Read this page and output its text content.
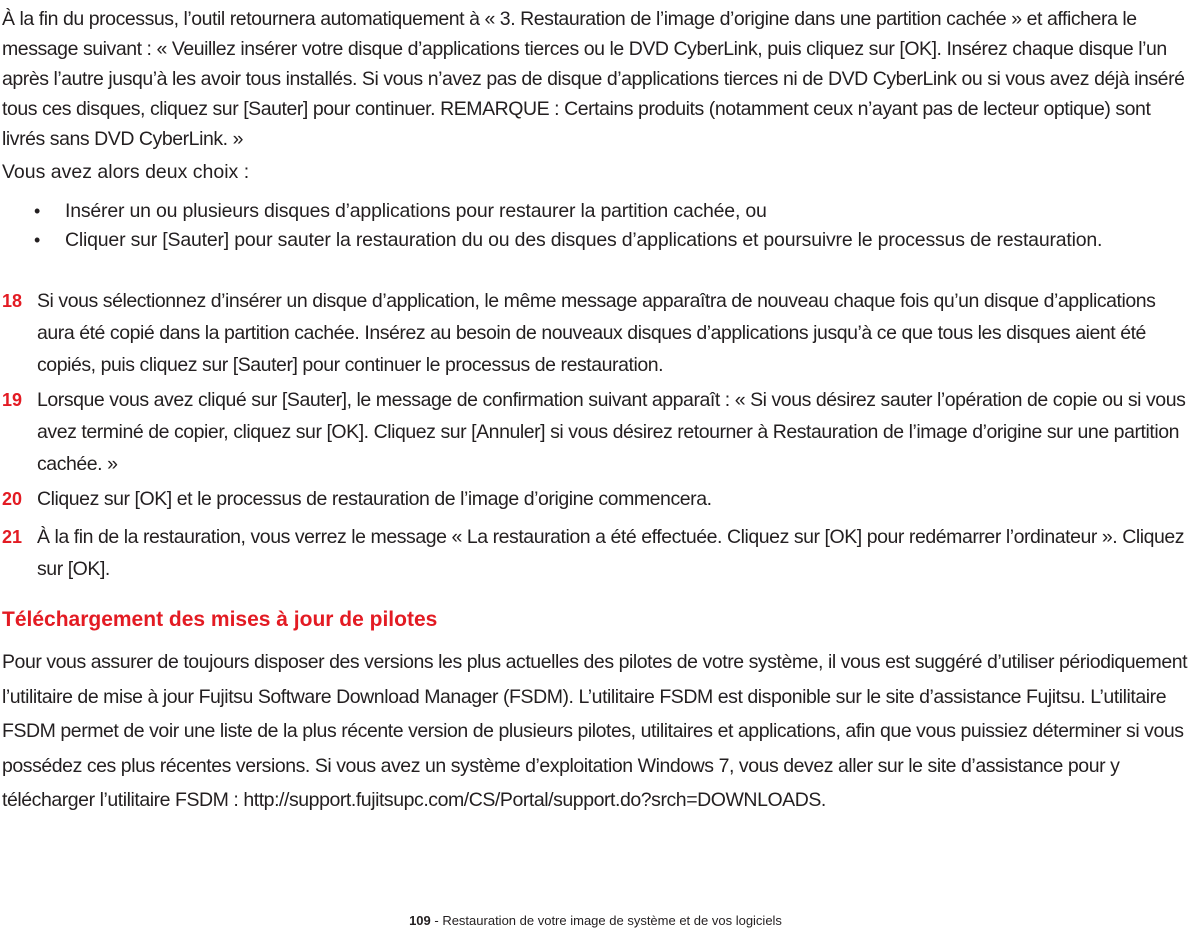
À la fin du processus, l’outil retournera automatiquement à « 3. Restauration de l’image d’origine dans une partition cachée » et affichera le message suivant : « Veuillez insérer votre disque d’applications tierces ou le DVD CyberLink, puis cliquez sur [OK]. Insérez chaque disque l’un après l’autre jusqu’à les avoir tous installés. Si vous n’avez pas de disque d’applications tierces ni de DVD CyberLink ou si vous avez déjà inséré tous ces disques, cliquez sur [Sauter] pour continuer. REMARQUE : Certains produits (notamment ceux n’ayant pas de lecteur optique) sont livrés sans DVD CyberLink. »

Vous avez alors deux choix :

• Insérer un ou plusieurs disques d’applications pour restaurer la partition cachée, ou
• Cliquer sur [Sauter] pour sauter la restauration du ou des disques d’applications et poursuivre le processus de restauration.
18 Si vous sélectionnez d’insérer un disque d’application, le même message apparaîtra de nouveau chaque fois qu’un disque d’applications aura été copié dans la partition cachée. Insérez au besoin de nouveaux disques d’applications jusqu’à ce que tous les disques aient été copiés, puis cliquez sur [Sauter] pour continuer le processus de restauration.
19 Lorsque vous avez cliqué sur [Sauter], le message de confirmation suivant apparaît : « Si vous désirez sauter l’opération de copie ou si vous avez terminé de copier, cliquez sur [OK]. Cliquez sur [Annuler] si vous désirez retourner à Restauration de l’image d’origine sur une partition cachée. »
20 Cliquez sur [OK] et le processus de restauration de l’image d’origine commencera.
21 À la fin de la restauration, vous verrez le message « La restauration a été effectuée. Cliquez sur [OK] pour redémarrer l’ordinateur ». Cliquez sur [OK].
Téléchargement des mises à jour de pilotes

Pour vous assurer de toujours disposer des versions les plus actuelles des pilotes de votre système, il vous est suggéré d’utiliser périodiquement l’utilitaire de mise à jour Fujitsu Software Download Manager (FSDM). L’utilitaire FSDM est disponible sur le site d’assistance Fujitsu. L’utilitaire FSDM permet de voir une liste de la plus récente version de plusieurs pilotes, utilitaires et applications, afin que vous puissiez déterminer si vous possédez ces plus récentes versions. Si vous avez un système d’exploitation Windows 7, vous devez aller sur le site d’assistance pour y télécharger l’utilitaire FSDM : http://support.fujitsupc.com/CS/Portal/support.do?srch=DOWNLOADS.

109 - Restauration de votre image de système et de vos logiciels
